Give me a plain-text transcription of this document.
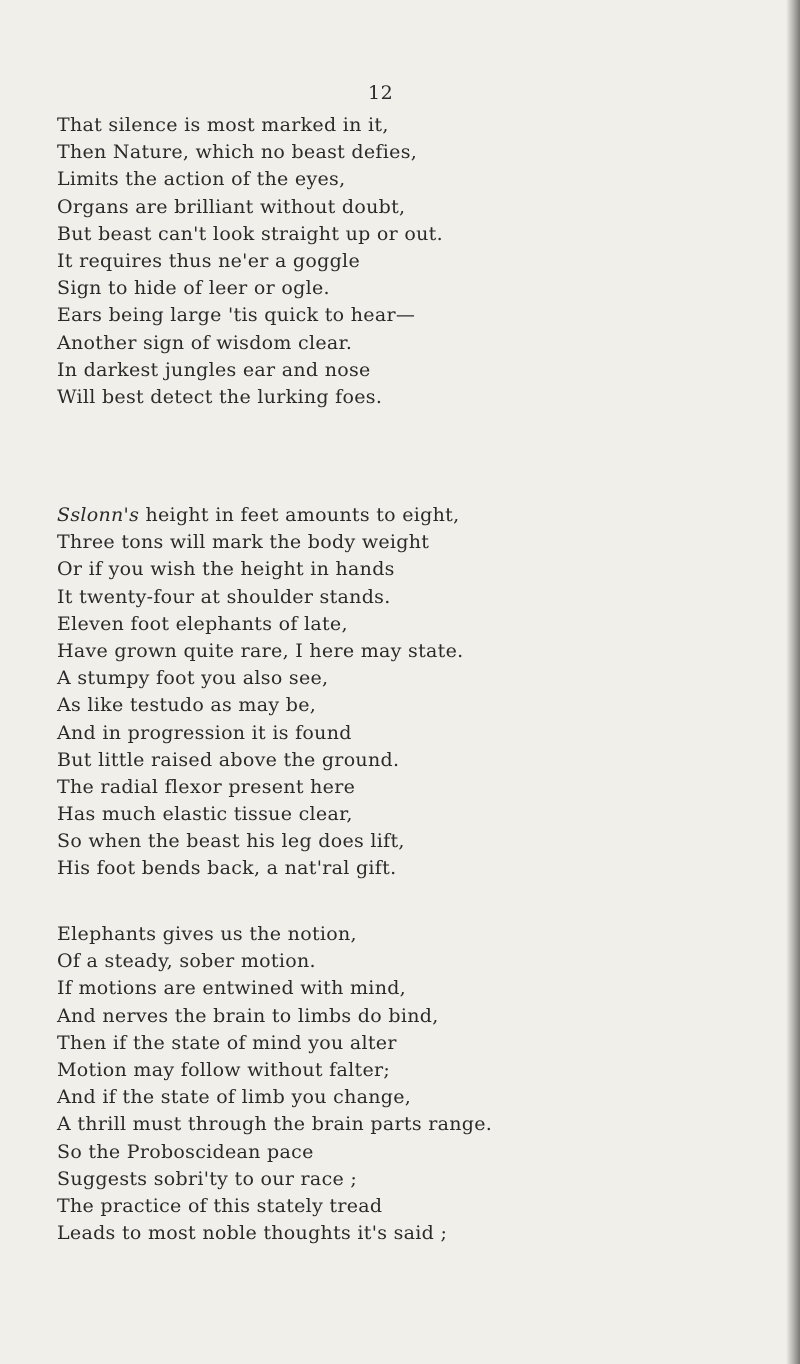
12
That silence is most marked in it,
Then Nature, which no beast defies,
Limits the action of the eyes,
Organs are brilliant without doubt,
But beast can't look straight up or out.
It requires thus ne'er a goggle
Sign to hide of leer or ogle.
Ears being large 'tis quick to hear—
Another sign of wisdom clear.
In darkest jungles ear and nose
Will best detect the lurking foes.
Sslonn's height in feet amounts to eight,
Three tons will mark the body weight
Or if you wish the height in hands
It twenty-four at shoulder stands.
Eleven foot elephants of late,
Have grown quite rare, I here may state.
A stumpy foot you also see,
As like testudo as may be,
And in progression it is found
But little raised above the ground.
The radial flexor present here
Has much elastic tissue clear,
So when the beast his leg does lift,
His foot bends back, a nat'ral gift.
Elephants gives us the notion,
Of a steady, sober motion.
If motions are entwined with mind,
And nerves the brain to limbs do bind,
Then if the state of mind you alter
Motion may follow without falter;
And if the state of limb you change,
A thrill must through the brain parts range.
So the Proboscidean pace
Suggests sobri'ty to our race ;
The practice of this stately tread
Leads to most noble thoughts it's said ;
